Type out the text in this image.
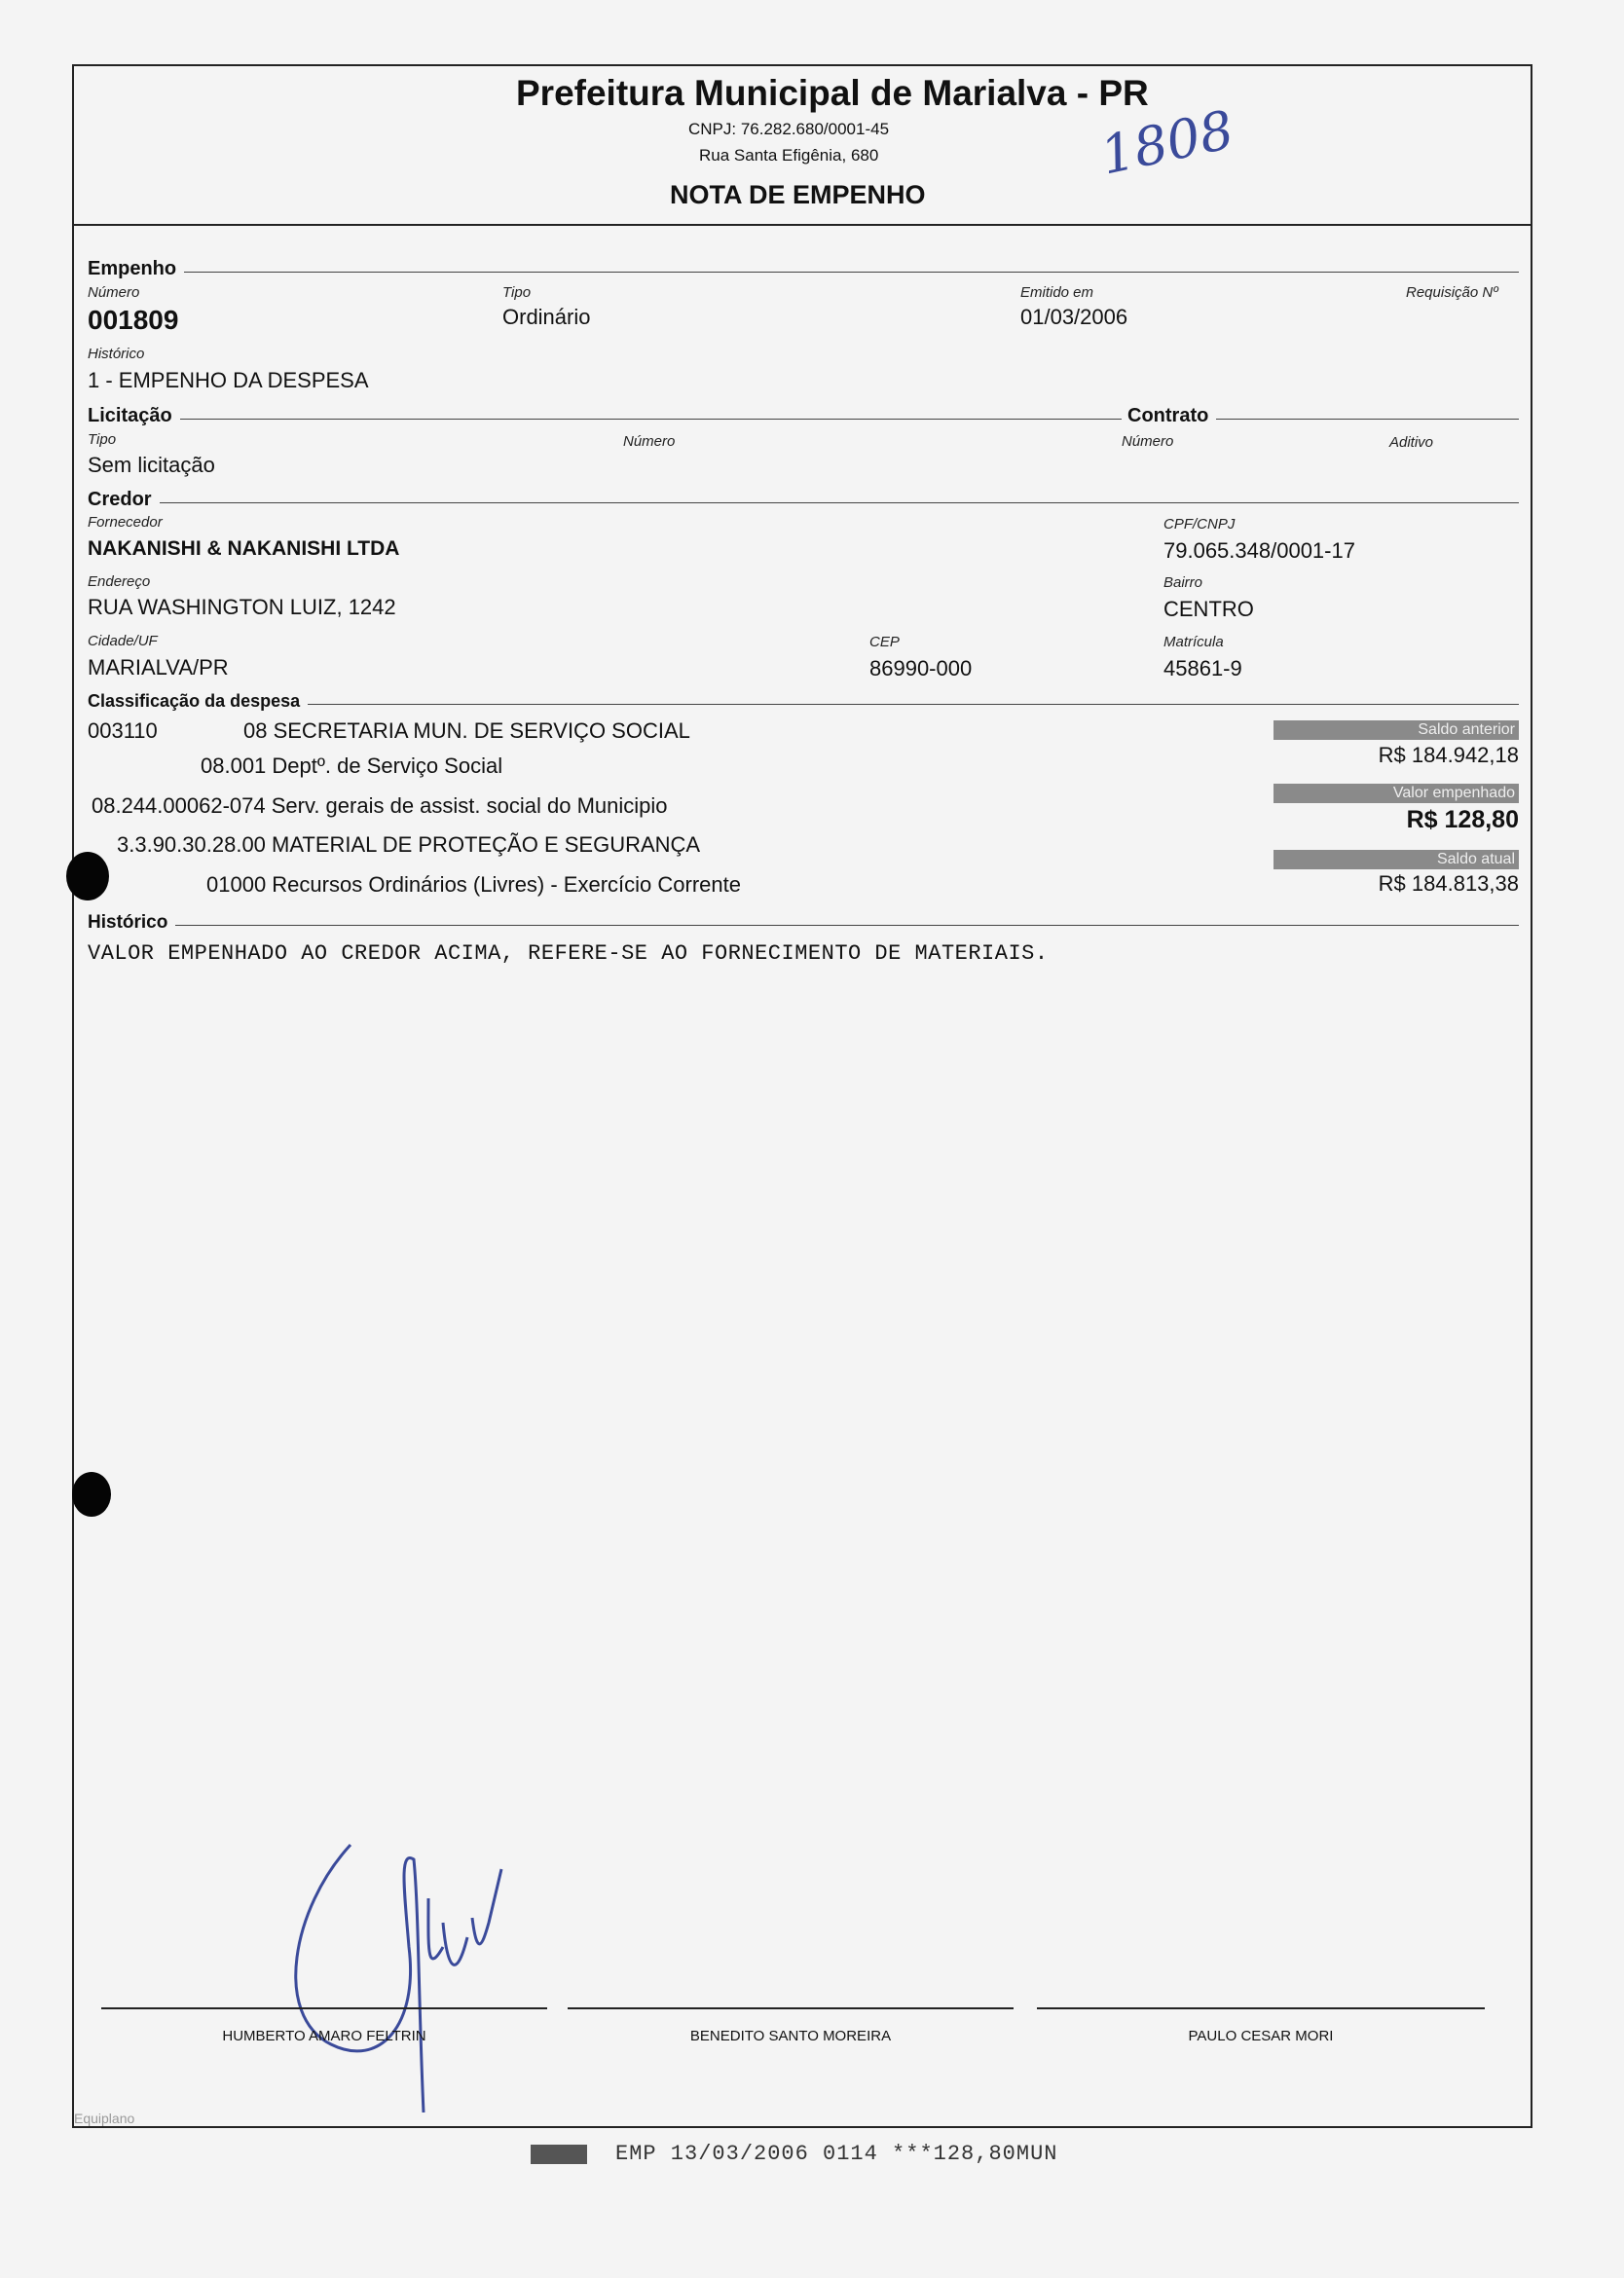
Prefeitura Municipal de Marialva - PR
CNPJ: 76.282.680/0001-45
Rua Santa Efigênia, 680
NOTA DE EMPENHO
1808
Empenho
Número
001809
Tipo
Ordinário
Emitido em
01/03/2006
Requisição Nº
Histórico
1 - EMPENHO DA DESPESA
Licitação	Contrato
Tipo
Sem licitação
Número	Número	Aditivo
Credor
Fornecedor
NAKANISHI & NAKANISHI LTDA
CPF/CNPJ
79.065.348/0001-17
Endereço
RUA WASHINGTON LUIZ, 1242
Bairro
CENTRO
Cidade/UF
MARIALVA/PR
CEP
86990-000
Matrícula
45861-9
Classificação da despesa
003110	08 SECRETARIA MUN. DE SERVIÇO SOCIAL
08.001 Deptº. de Serviço Social
08.244.00062-074 Serv. gerais de assist. social do Municipio
3.3.90.30.28.00 MATERIAL DE PROTEÇÃO E SEGURANÇA
01000 Recursos Ordinários (Livres) - Exercício Corrente
Saldo anterior
R$ 184.942,18
Valor empenhado
R$ 128,80
Saldo atual
R$ 184.813,38
Histórico
VALOR EMPENHADO AO CREDOR ACIMA, REFERE-SE AO FORNECIMENTO DE MATERIAIS.
HUMBERTO AMARO FELTRIN	BENEDITO SANTO MOREIRA	PAULO CESAR MORI
Equiplano
EMP 13/03/2006 0114 ***128,80MUN
